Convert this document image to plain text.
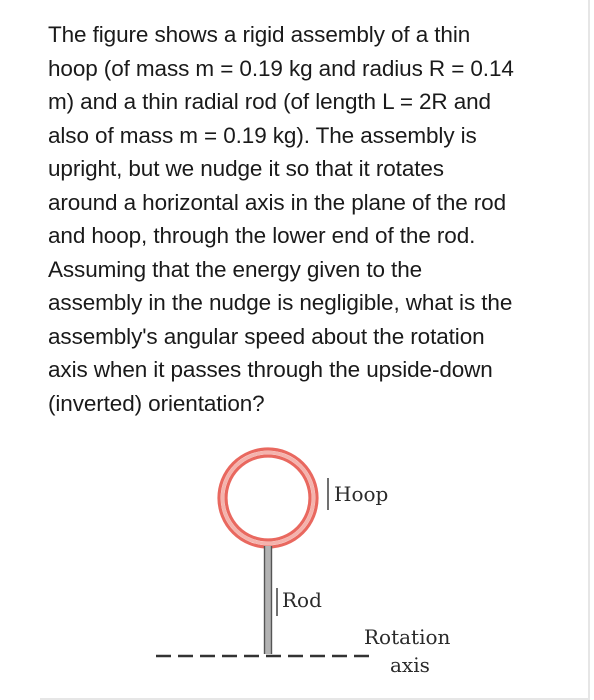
The figure shows a rigid assembly of a thin
hoop (of mass m = 0.19 kg and radius R = 0.14
m) and a thin radial rod (of length L = 2R and
also of mass m = 0.19 kg). The assembly is
upright, but we nudge it so that it rotates
around a horizontal axis in the plane of the rod
and hoop, through the lower end of the rod.
Assuming that the energy given to the
assembly in the nudge is negligible, what is the
assembly's angular speed about the rotation
axis when it passes through the upside-down
(inverted) orientation?
Hoop
Rod
Rotation
axis
